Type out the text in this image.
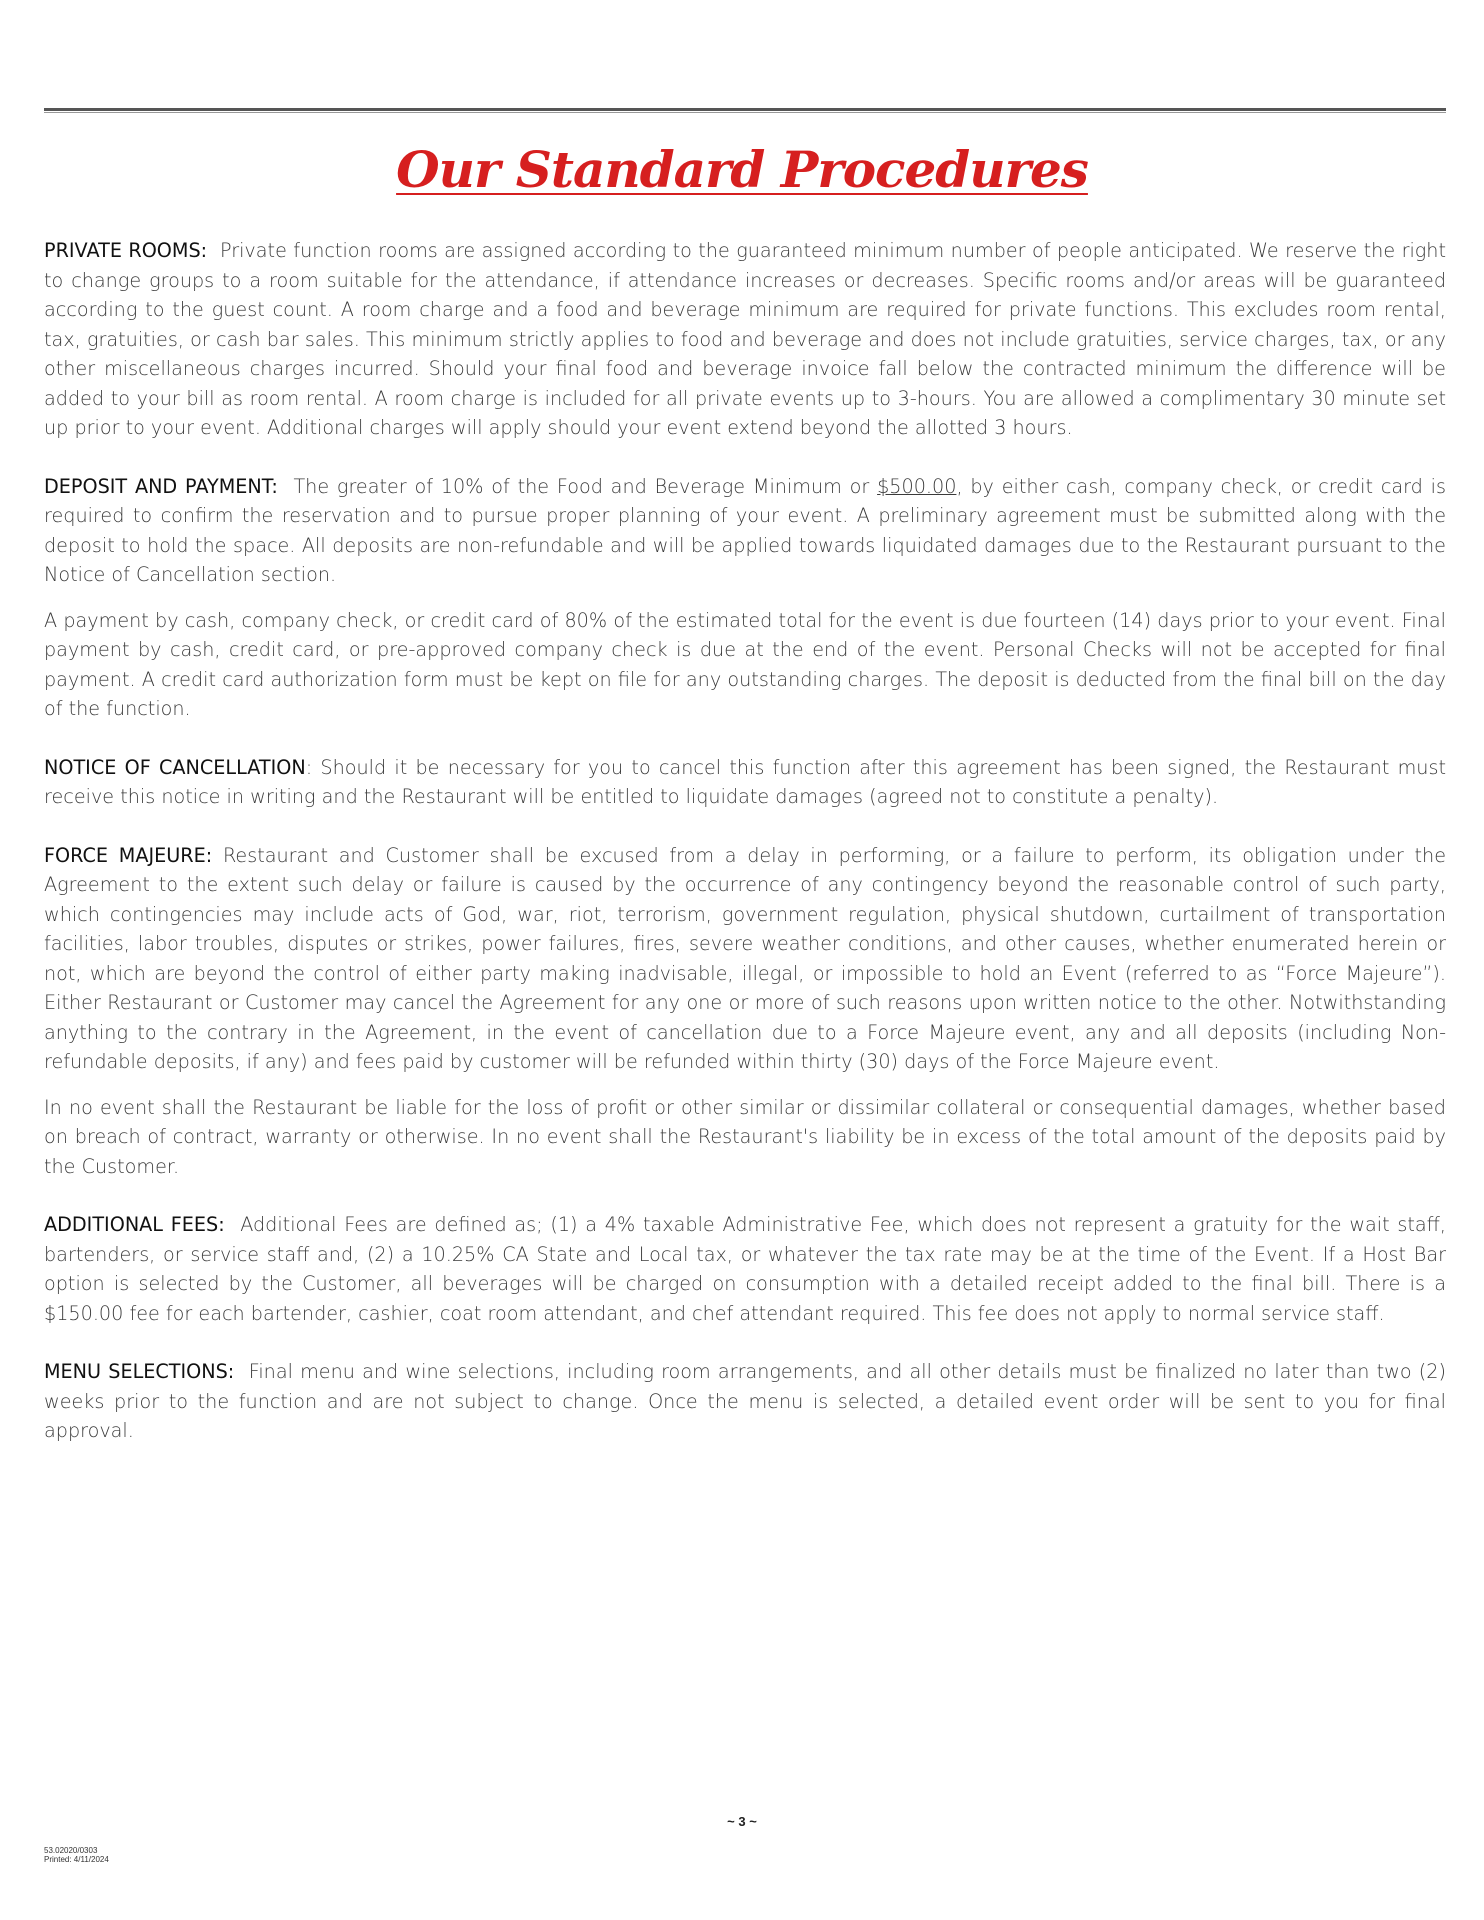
Our Standard Procedures

PRIVATE ROOMS: Private function rooms are assigned according to the guaranteed minimum number of people anticipated. We reserve the right to change groups to a room suitable for the attendance, if attendance increases or decreases. Specific rooms and/or areas will be guaranteed according to the guest count. A room charge and a food and beverage minimum are required for private functions. This excludes room rental, tax, gratuities, or cash bar sales. This minimum strictly applies to food and beverage and does not include gratuities, service charges, tax, or any other miscellaneous charges incurred. Should your final food and beverage invoice fall below the contracted minimum the difference will be added to your bill as room rental. A room charge is included for all private events up to 3-hours. You are allowed a complimentary 30 minute set up prior to your event. Additional charges will apply should your event extend beyond the allotted 3 hours.

DEPOSIT AND PAYMENT: The greater of 10% of the Food and Beverage Minimum or $500.00, by either cash, company check, or credit card is required to confirm the reservation and to pursue proper planning of your event. A preliminary agreement must be submitted along with the deposit to hold the space. All deposits are non-refundable and will be applied towards liquidated damages due to the Restaurant pursuant to the Notice of Cancellation section.

A payment by cash, company check, or credit card of 80% of the estimated total for the event is due fourteen (14) days prior to your event. Final payment by cash, credit card, or pre-approved company check is due at the end of the event. Personal Checks will not be accepted for final payment. A credit card authorization form must be kept on file for any outstanding charges. The deposit is deducted from the final bill on the day of the function.

NOTICE OF CANCELLATION: Should it be necessary for you to cancel this function after this agreement has been signed, the Restaurant must receive this notice in writing and the Restaurant will be entitled to liquidate damages (agreed not to constitute a penalty).

FORCE MAJEURE: Restaurant and Customer shall be excused from a delay in performing, or a failure to perform, its obligation under the Agreement to the extent such delay or failure is caused by the occurrence of any contingency beyond the reasonable control of such party, which contingencies may include acts of God, war, riot, terrorism, government regulation, physical shutdown, curtailment of transportation facilities, labor troubles, disputes or strikes, power failures, fires, severe weather conditions, and other causes, whether enumerated herein or not, which are beyond the control of either party making inadvisable, illegal, or impossible to hold an Event (referred to as “Force Majeure”). Either Restaurant or Customer may cancel the Agreement for any one or more of such reasons upon written notice to the other. Notwithstanding anything to the contrary in the Agreement, in the event of cancellation due to a Force Majeure event, any and all deposits (including Non-refundable deposits, if any) and fees paid by customer will be refunded within thirty (30) days of the Force Majeure event.

In no event shall the Restaurant be liable for the loss of profit or other similar or dissimilar collateral or consequential damages, whether based on breach of contract, warranty or otherwise. In no event shall the Restaurant's liability be in excess of the total amount of the deposits paid by the Customer.

ADDITIONAL FEES: Additional Fees are defined as; (1) a 4% taxable Administrative Fee, which does not represent a gratuity for the wait staff, bartenders, or service staff and, (2) a 10.25% CA State and Local tax, or whatever the tax rate may be at the time of the Event. If a Host Bar option is selected by the Customer, all beverages will be charged on consumption with a detailed receipt added to the final bill. There is a $150.00 fee for each bartender, cashier, coat room attendant, and chef attendant required. This fee does not apply to normal service staff.

MENU SELECTIONS: Final menu and wine selections, including room arrangements, and all other details must be finalized no later than two (2) weeks prior to the function and are not subject to change. Once the menu is selected, a detailed event order will be sent to you for final approval.

~ 3 ~
53.02020/0303
Printed: 4/11/2024
